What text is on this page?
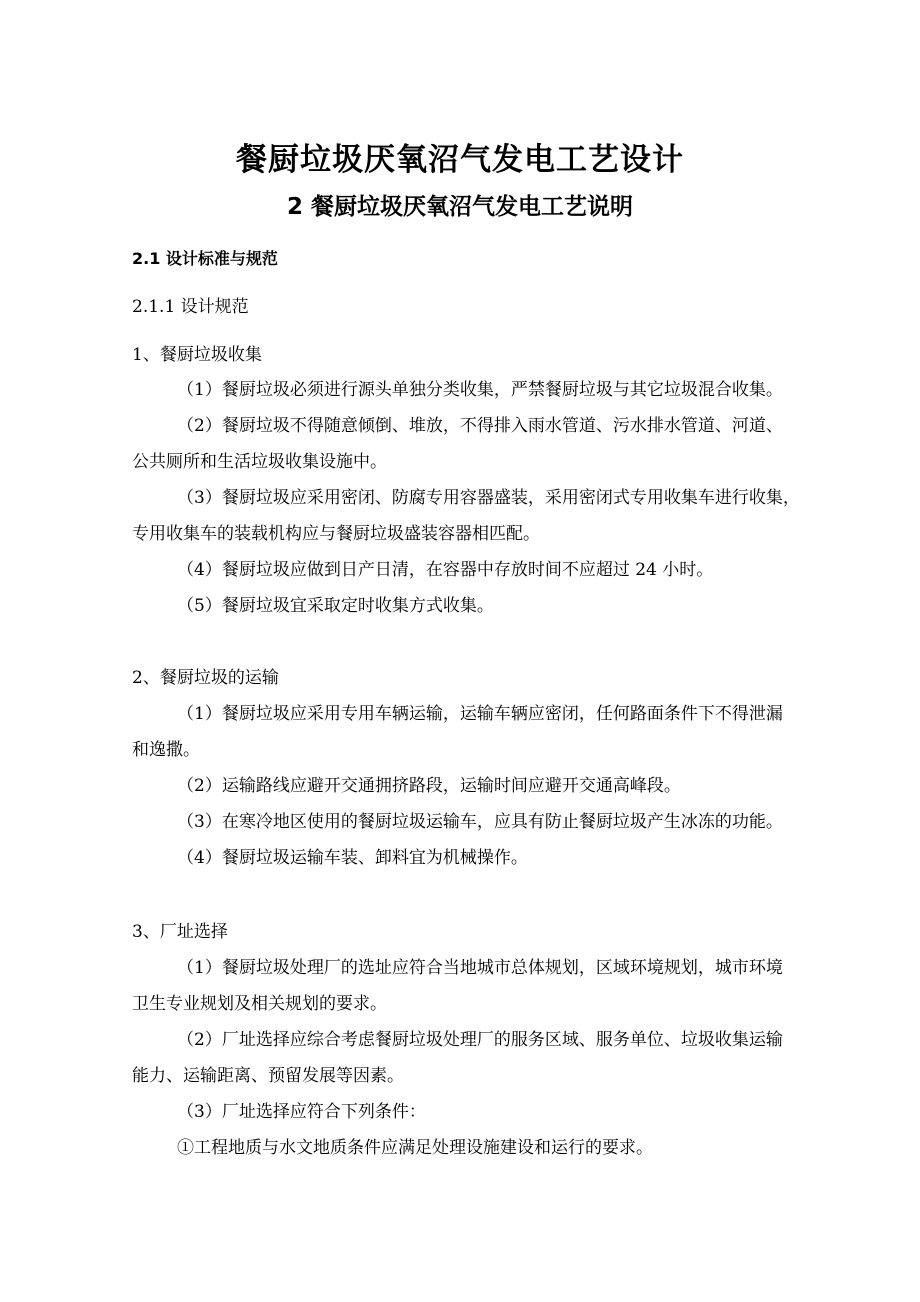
餐厨垃圾厌氧沼气发电工艺设计
2 餐厨垃圾厌氧沼气发电工艺说明

2.1 设计标准与规范

2.1.1 设计规范

1、餐厨垃圾收集

（1）餐厨垃圾必须进行源头单独分类收集，严禁餐厨垃圾与其它垃圾混合收集。

（2）餐厨垃圾不得随意倾倒、堆放，不得排入雨水管道、污水排水管道、河道、

公共厕所和生活垃圾收集设施中。

（3）餐厨垃圾应采用密闭、防腐专用容器盛装，采用密闭式专用收集车进行收集，

专用收集车的装载机构应与餐厨垃圾盛装容器相匹配。

（4）餐厨垃圾应做到日产日清，在容器中存放时间不应超过 24 小时。

（5）餐厨垃圾宜采取定时收集方式收集。

2、餐厨垃圾的运输

（1）餐厨垃圾应采用专用车辆运输，运输车辆应密闭，任何路面条件下不得泄漏

和逸撒。

（2）运输路线应避开交通拥挤路段，运输时间应避开交通高峰段。

（3）在寒冷地区使用的餐厨垃圾运输车，应具有防止餐厨垃圾产生冰冻的功能。

（4）餐厨垃圾运输车装、卸料宜为机械操作。

3、厂址选择

（1）餐厨垃圾处理厂的选址应符合当地城市总体规划，区域环境规划，城市环境

卫生专业规划及相关规划的要求。

（2）厂址选择应综合考虑餐厨垃圾处理厂的服务区域、服务单位、垃圾收集运输

能力、运输距离、预留发展等因素。

（3）厂址选择应符合下列条件：

①工程地质与水文地质条件应满足处理设施建设和运行的要求。
